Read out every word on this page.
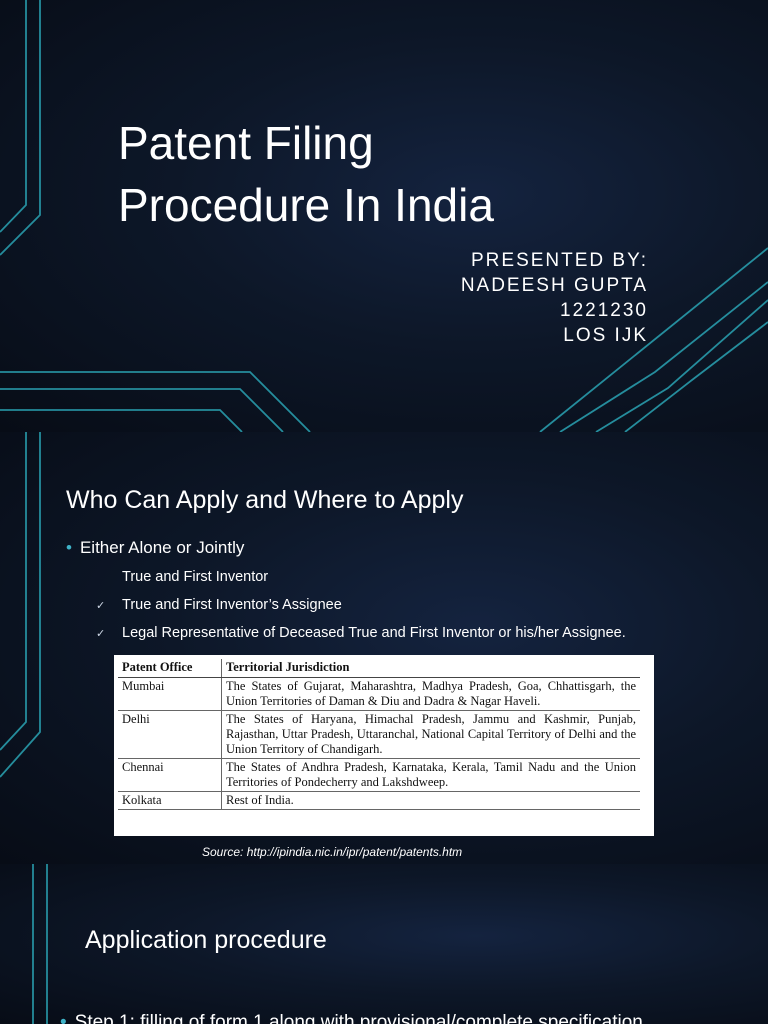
Patent Filing
Procedure In India
PRESENTED BY:
NADEESH GUPTA
1221230
LOS IJK
Who Can Apply and Where to Apply
• Either Alone or Jointly
True and First Inventor
✓ True and First Inventor’s Assignee
✓ Legal Representative of Deceased True and First Inventor or his/her Assignee.
Patent Office	Territorial Jurisdiction
Mumbai	The States of Gujarat, Maharashtra, Madhya Pradesh, Goa, Chhattisgarh, the Union Territories of Daman & Diu and Dadra & Nagar Haveli.
Delhi	The States of Haryana, Himachal Pradesh, Jammu and Kashmir, Punjab, Rajasthan, Uttar Pradesh, Uttaranchal, National Capital Territory of Delhi and the Union Territory of Chandigarh.
Chennai	The States of Andhra Pradesh, Karnataka, Kerala, Tamil Nadu and the Union Territories of Pondecherry and Lakshdweep.
Kolkata	Rest of India.
Source: http://ipindia.nic.in/ipr/patent/patents.htm
Application procedure
• Step 1: filling of form 1 along with provisional/complete specification
